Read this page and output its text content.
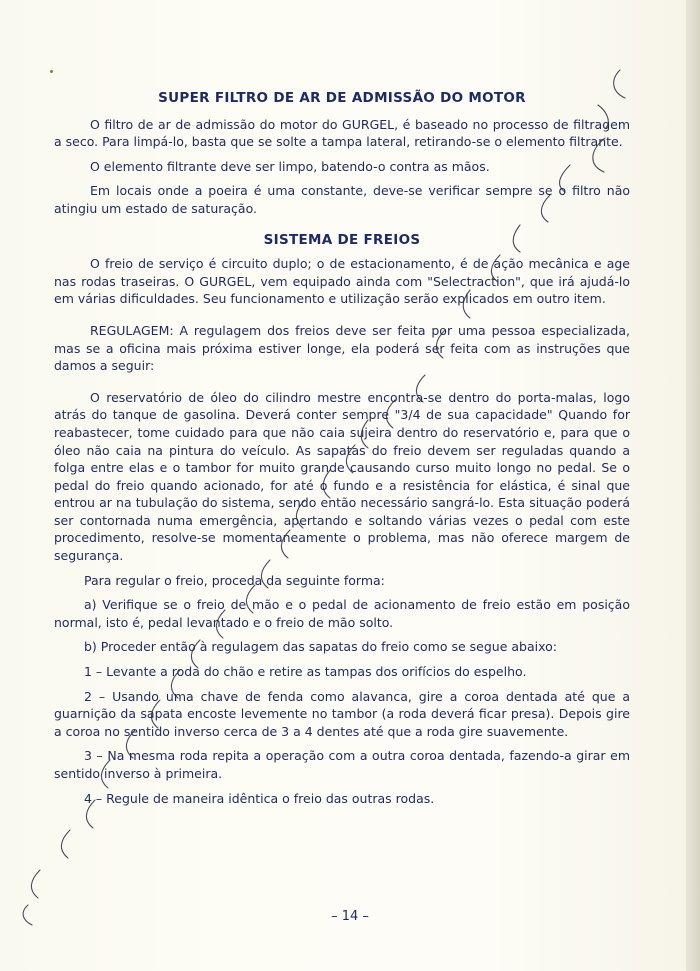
SUPER FILTRO DE AR DE ADMISSÃO DO MOTOR

O filtro de ar de admissão do motor do GURGEL, é baseado no processo de filtragem a seco. Para limpá-lo, basta que se solte a tampa lateral, retirando-se o elemento filtrante.

O elemento filtrante deve ser limpo, batendo-o contra as mãos.

Em locais onde a poeira é uma constante, deve-se verificar sempre se o filtro não atingiu um estado de saturação.

SISTEMA DE FREIOS

O freio de serviço é circuito duplo; o de estacionamento, é de ação mecânica e age nas rodas traseiras. O GURGEL, vem equipado ainda com "Selectraction", que irá ajudá-lo em várias dificuldades. Seu funcionamento e utilização serão explicados em outro item.

REGULAGEM: A regulagem dos freios deve ser feita por uma pessoa especializada, mas se a oficina mais próxima estiver longe, ela poderá ser feita com as instruções que damos a seguir:

O reservatório de óleo do cilindro mestre encontra-se dentro do porta-malas, logo atrás do tanque de gasolina. Deverá conter sempre "3/4 de sua capacidade" Quando for reabastecer, tome cuidado para que não caia sujeira dentro do reservatório e, para que o óleo não caia na pintura do veículo. As sapatas do freio devem ser reguladas quando a folga entre elas e o tambor for muito grande causando curso muito longo no pedal. Se o pedal do freio quando acionado, for até o fundo e a resistência for elástica, é sinal que entrou ar na tubulação do sistema, sendo então necessário sangrá-lo. Esta situação poderá ser contornada numa emergência, apertando e soltando várias vezes o pedal com este procedimento, resolve-se momentaneamente o problema, mas não oferece margem de segurança.

Para regular o freio, proceda da seguinte forma:

a) Verifique se o freio de mão e o pedal de acionamento de freio estão em posição normal, isto é, pedal levantado e o freio de mão solto.

b) Proceder então à regulagem das sapatas do freio como se segue abaixo:

1 – Levante a roda do chão e retire as tampas dos orifícios do espelho.

2 – Usando uma chave de fenda como alavanca, gire a coroa dentada até que a guarnição da sapata encoste levemente no tambor (a roda deverá ficar presa). Depois gire a coroa no sentido inverso cerca de 3 a 4 dentes até que a roda gire suavemente.

3 – Na mesma roda repita a operação com a outra coroa dentada, fazendo-a girar em sentido inverso à primeira.

4 – Regule de maneira idêntica o freio das outras rodas.

– 14 –
